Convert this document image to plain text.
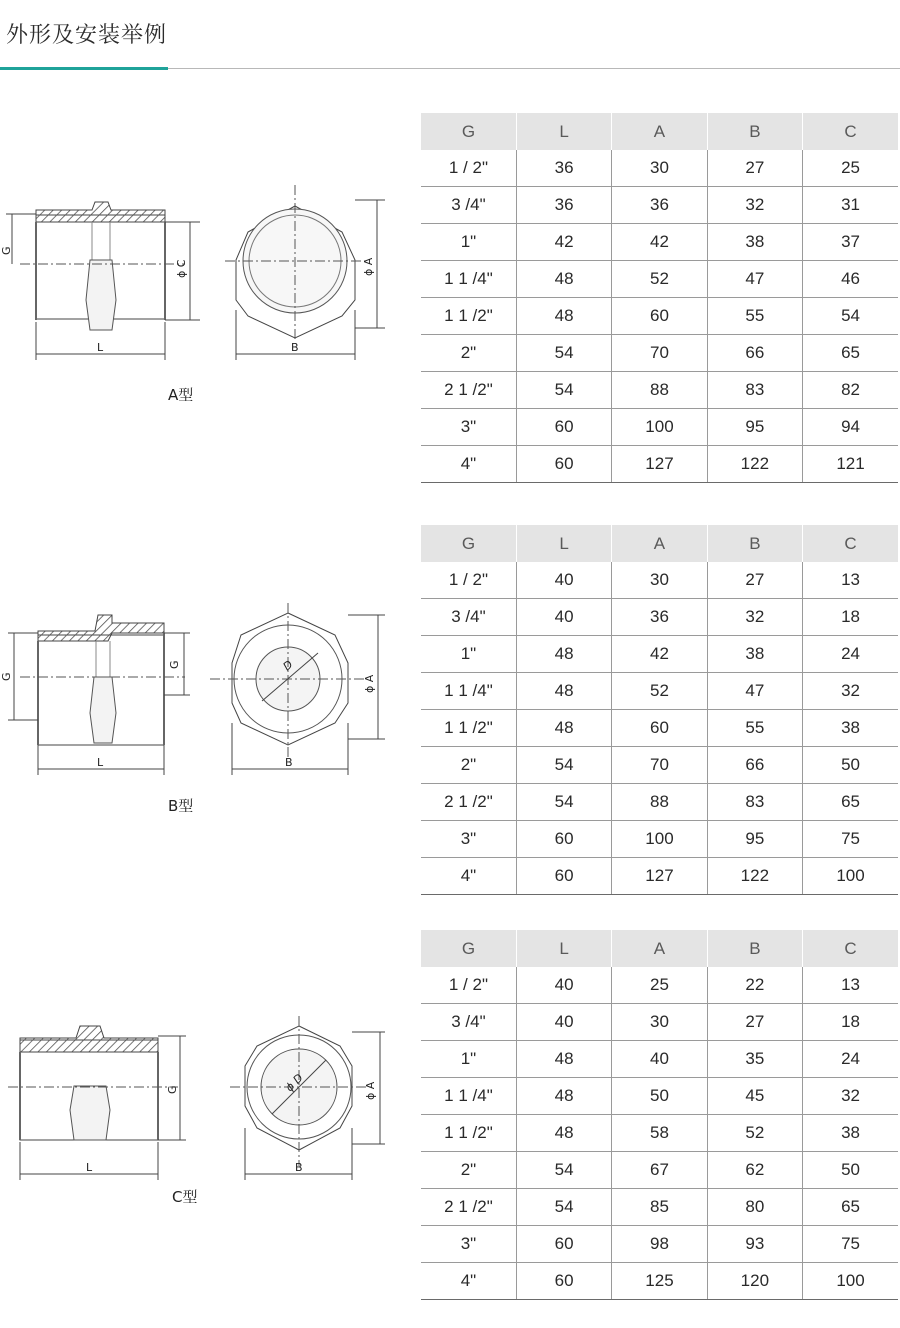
外形及安装举例
G
ϕ C
L
ϕ A
B
A型
G	L	A	B	C
1 / 2"	36	30	27	25
3 /4"	36	36	32	31
1"	42	42	38	37
1 1 /4"	48	52	47	46
1 1 /2"	48	60	55	54
2"	54	70	66	65
2 1 /2"	54	88	83	82
3"	60	100	95	94
4"	60	127	122	121
G
G
L
D
ϕ A
B
B型
G	L	A	B	C
1 / 2"	40	30	27	13
3 /4"	40	36	32	18
1"	48	42	38	24
1 1 /4"	48	52	47	32
1 1 /2"	48	60	55	38
2"	54	70	66	50
2 1 /2"	54	88	83	65
3"	60	100	95	75
4"	60	127	122	100
G
L
ϕ D	ϕ A
B
C型
G	L	A	B	C
1 / 2"	40	25	22	13
3 /4"	40	30	27	18
1"	48	40	35	24
1 1 /4"	48	50	45	32
1 1 /2"	48	58	52	38
2"	54	67	62	50
2 1 /2"	54	85	80	65
3"	60	98	93	75
4"	60	125	120	100
